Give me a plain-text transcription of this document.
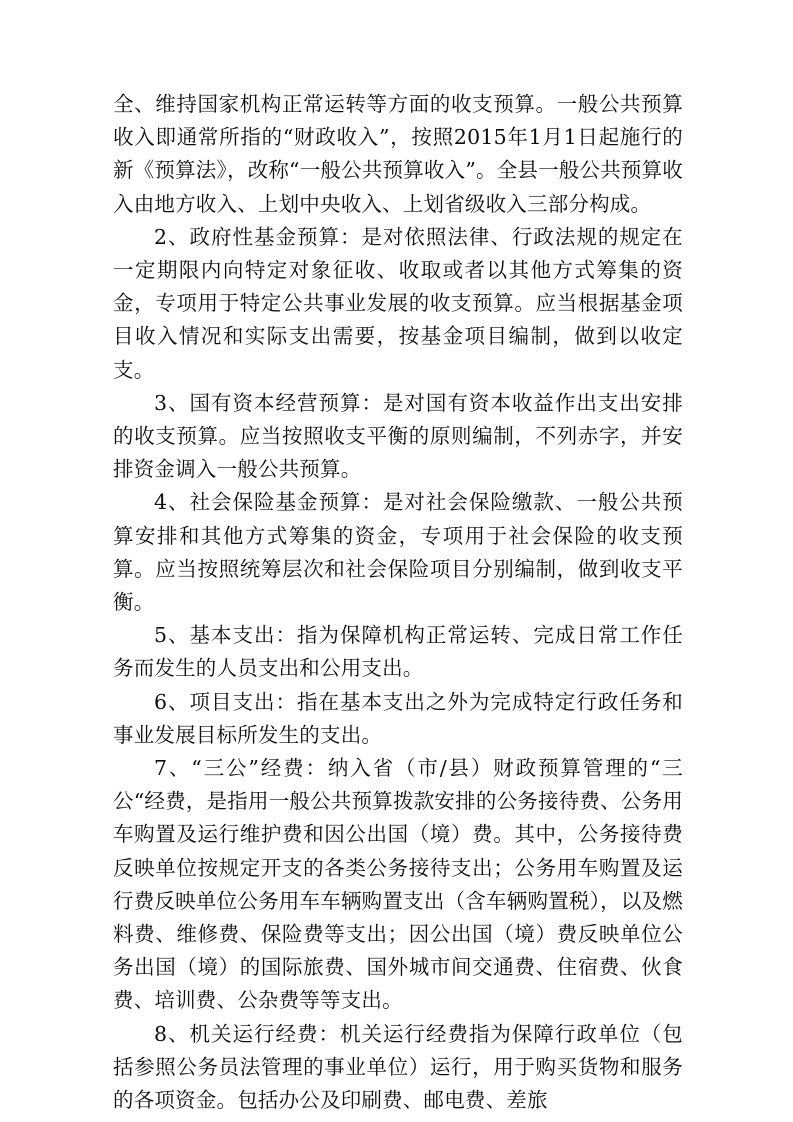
全、维持国家机构正常运转等方面的收支预算。一般公共预算收入即通常所指的“财政收入”，按照2015年1月1日起施行的新《预算法》，改称“一般公共预算收入”。全县一般公共预算收入由地方收入、上划中央收入、上划省级收入三部分构成。

2、政府性基金预算：是对依照法律、行政法规的规定在一定期限内向特定对象征收、收取或者以其他方式筹集的资金，专项用于特定公共事业发展的收支预算。应当根据基金项目收入情况和实际支出需要，按基金项目编制，做到以收定支。

3、国有资本经营预算：是对国有资本收益作出支出安排的收支预算。应当按照收支平衡的原则编制，不列赤字，并安排资金调入一般公共预算。

4、社会保险基金预算：是对社会保险缴款、一般公共预算安排和其他方式筹集的资金，专项用于社会保险的收支预算。应当按照统筹层次和社会保险项目分别编制，做到收支平衡。

5、基本支出：指为保障机构正常运转、完成日常工作任务而发生的人员支出和公用支出。

6、项目支出：指在基本支出之外为完成特定行政任务和事业发展目标所发生的支出。

7、“三公”经费：纳入省（市/县）财政预算管理的“三公“经费，是指用一般公共预算拨款安排的公务接待费、公务用车购置及运行维护费和因公出国（境）费。其中，公务接待费反映单位按规定开支的各类公务接待支出；公务用车购置及运行费反映单位公务用车车辆购置支出（含车辆购置税），以及燃料费、维修费、保险费等支出；因公出国（境）费反映单位公务出国（境）的国际旅费、国外城市间交通费、住宿费、伙食费、培训费、公杂费等等支出。

8、机关运行经费：机关运行经费指为保障行政单位（包括参照公务员法管理的事业单位）运行，用于购买货物和服务的各项资金。包括办公及印刷费、邮电费、差旅
